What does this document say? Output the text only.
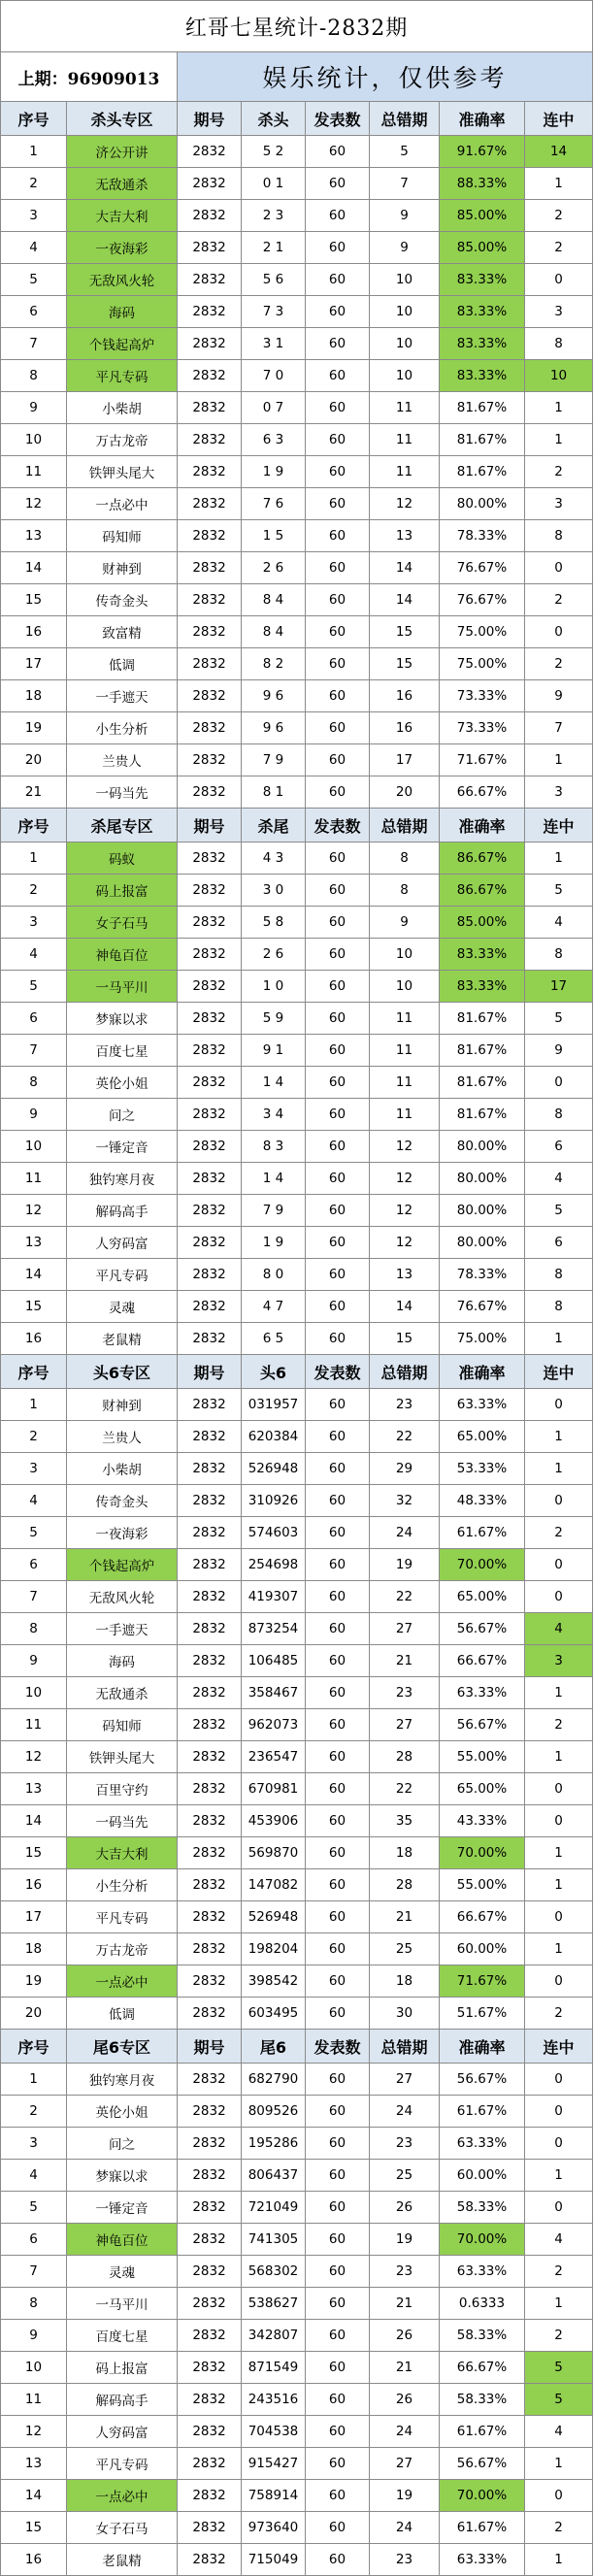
红哥七星统计-2832期							
上期：96909013		娱乐统计，仅供参考					
序号	杀头专区	期号	杀头	发表数	总错期	准确率	连中
1	济公开讲	2832	5 2	60	5	91.67%	14
2	无敌通杀	2832	0 1	60	7	88.33%	1
3	大吉大利	2832	2 3	60	9	85.00%	2
4	一夜海彩	2832	2 1	60	9	85.00%	2
5	无敌风火轮	2832	5 6	60	10	83.33%	0
6	海码	2832	7 3	60	10	83.33%	3
7	个钱起高炉	2832	3 1	60	10	83.33%	8
8	平凡专码	2832	7 0	60	10	83.33%	10
9	小柴胡	2832	0 7	60	11	81.67%	1
10	万古龙帝	2832	6 3	60	11	81.67%	1
11	铁钾头尾大	2832	1 9	60	11	81.67%	2
12	一点必中	2832	7 6	60	12	80.00%	3
13	码知师	2832	1 5	60	13	78.33%	8
14	财神到	2832	2 6	60	14	76.67%	0
15	传奇金头	2832	8 4	60	14	76.67%	2
16	致富精	2832	8 4	60	15	75.00%	0
17	低调	2832	8 2	60	15	75.00%	2
18	一手遮天	2832	9 6	60	16	73.33%	9
19	小生分析	2832	9 6	60	16	73.33%	7
20	兰贵人	2832	7 9	60	17	71.67%	1
21	一码当先	2832	8 1	60	20	66.67%	3
序号	杀尾专区	期号	杀尾	发表数	总错期	准确率	连中
1	码蚁	2832	4 3	60	8	86.67%	1
2	码上报富	2832	3 0	60	8	86.67%	5
3	女子石马	2832	5 8	60	9	85.00%	4
4	神龟百位	2832	2 6	60	10	83.33%	8
5	一马平川	2832	1 0	60	10	83.33%	17
6	梦寐以求	2832	5 9	60	11	81.67%	5
7	百度七星	2832	9 1	60	11	81.67%	9
8	英伦小姐	2832	1 4	60	11	81.67%	0
9	问之	2832	3 4	60	11	81.67%	8
10	一锤定音	2832	8 3	60	12	80.00%	6
11	独钓寒月夜	2832	1 4	60	12	80.00%	4
12	解码高手	2832	7 9	60	12	80.00%	5
13	人穷码富	2832	1 9	60	12	80.00%	6
14	平凡专码	2832	8 0	60	13	78.33%	8
15	灵魂	2832	4 7	60	14	76.67%	8
16	老鼠精	2832	6 5	60	15	75.00%	1
序号	头6专区	期号	头6	发表数	总错期	准确率	连中
1	财神到	2832	031957	60	23	63.33%	0
2	兰贵人	2832	620384	60	22	65.00%	1
3	小柴胡	2832	526948	60	29	53.33%	1
4	传奇金头	2832	310926	60	32	48.33%	0
5	一夜海彩	2832	574603	60	24	61.67%	2
6	个钱起高炉	2832	254698	60	19	70.00%	0
7	无敌风火轮	2832	419307	60	22	65.00%	0
8	一手遮天	2832	873254	60	27	56.67%	4
9	海码	2832	106485	60	21	66.67%	3
10	无敌通杀	2832	358467	60	23	63.33%	1
11	码知师	2832	962073	60	27	56.67%	2
12	铁钾头尾大	2832	236547	60	28	55.00%	1
13	百里守约	2832	670981	60	22	65.00%	0
14	一码当先	2832	453906	60	35	43.33%	0
15	大吉大利	2832	569870	60	18	70.00%	1
16	小生分析	2832	147082	60	28	55.00%	1
17	平凡专码	2832	526948	60	21	66.67%	0
18	万古龙帝	2832	198204	60	25	60.00%	1
19	一点必中	2832	398542	60	18	71.67%	0
20	低调	2832	603495	60	30	51.67%	2
序号	尾6专区	期号	尾6	发表数	总错期	准确率	连中
1	独钓寒月夜	2832	682790	60	27	56.67%	0
2	英伦小姐	2832	809526	60	24	61.67%	0
3	问之	2832	195286	60	23	63.33%	0
4	梦寐以求	2832	806437	60	25	60.00%	1
5	一锤定音	2832	721049	60	26	58.33%	0
6	神龟百位	2832	741305	60	19	70.00%	4
7	灵魂	2832	568302	60	23	63.33%	2
8	一马平川	2832	538627	60	21	0.6333	1
9	百度七星	2832	342807	60	26	58.33%	2
10	码上报富	2832	871549	60	21	66.67%	5
11	解码高手	2832	243516	60	26	58.33%	5
12	人穷码富	2832	704538	60	24	61.67%	4
13	平凡专码	2832	915427	60	27	56.67%	1
14	一点必中	2832	758914	60	19	70.00%	0
15	女子石马	2832	973640	60	24	61.67%	2
16	老鼠精	2832	715049	60	23	63.33%	1
